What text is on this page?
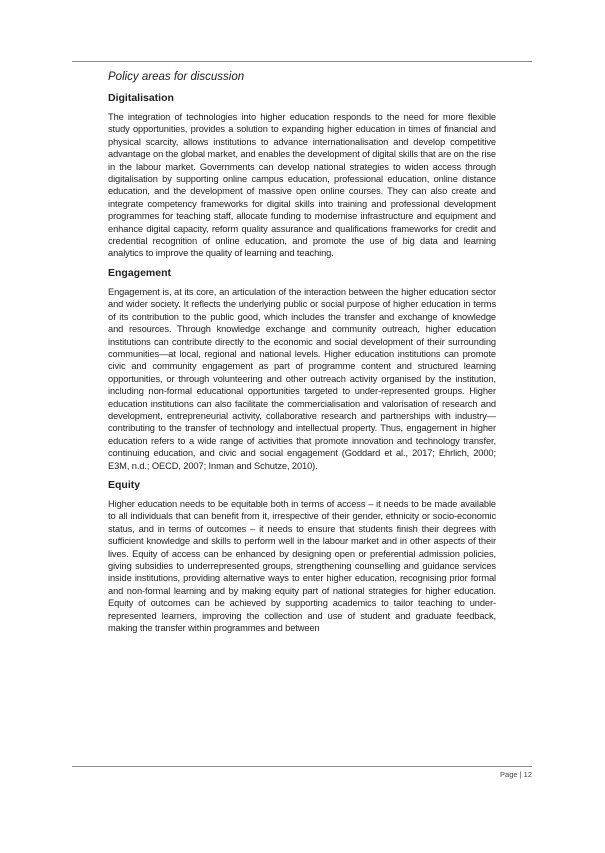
Policy areas for discussion
Digitalisation

The integration of technologies into higher education responds to the need for more flexible study opportunities, provides a solution to expanding higher education in times of financial and physical scarcity, allows institutions to advance internationalisation and develop competitive advantage on the global market, and enables the development of digital skills that are on the rise in the labour market. Governments can develop national strategies to widen access through digitalisation by supporting online campus education, professional education, online distance education, and the development of massive open online courses. They can also create and integrate competency frameworks for digital skills into training and professional development programmes for teaching staff, allocate funding to modernise infrastructure and equipment and enhance digital capacity, reform quality assurance and qualifications frameworks for credit and credential recognition of online education, and promote the use of big data and learning analytics to improve the quality of learning and teaching.

Engagement

Engagement is, at its core, an articulation of the interaction between the higher education sector and wider society. It reflects the underlying public or social purpose of higher education in terms of its contribution to the public good, which includes the transfer and exchange of knowledge and resources. Through knowledge exchange and community outreach, higher education institutions can contribute directly to the economic and social development of their surrounding communities—at local, regional and national levels. Higher education institutions can promote civic and community engagement as part of programme content and structured learning opportunities, or through volunteering and other outreach activity organised by the institution, including non-formal educational opportunities targeted to under-represented groups. Higher education institutions can also facilitate the commercialisation and valorisation of research and development, entrepreneurial activity, collaborative research and partnerships with industry—contributing to the transfer of technology and intellectual property. Thus, engagement in higher education refers to a wide range of activities that promote innovation and technology transfer, continuing education, and civic and social engagement (Goddard et al., 2017; Ehrlich, 2000; E3M, n.d.; OECD, 2007; Inman and Schutze, 2010).

Equity

Higher education needs to be equitable both in terms of access – it needs to be made available to all individuals that can benefit from it, irrespective of their gender, ethnicity or socio-economic status, and in terms of outcomes – it needs to ensure that students finish their degrees with sufficient knowledge and skills to perform well in the labour market and in other aspects of their lives. Equity of access can be enhanced by designing open or preferential admission policies, giving subsidies to underrepresented groups, strengthening counselling and guidance services inside institutions, providing alternative ways to enter higher education, recognising prior formal and non-formal learning and by making equity part of national strategies for higher education. Equity of outcomes can be achieved by supporting academics to tailor teaching to under-represented learners, improving the collection and use of student and graduate feedback, making the transfer within programmes and between

Page | 12
